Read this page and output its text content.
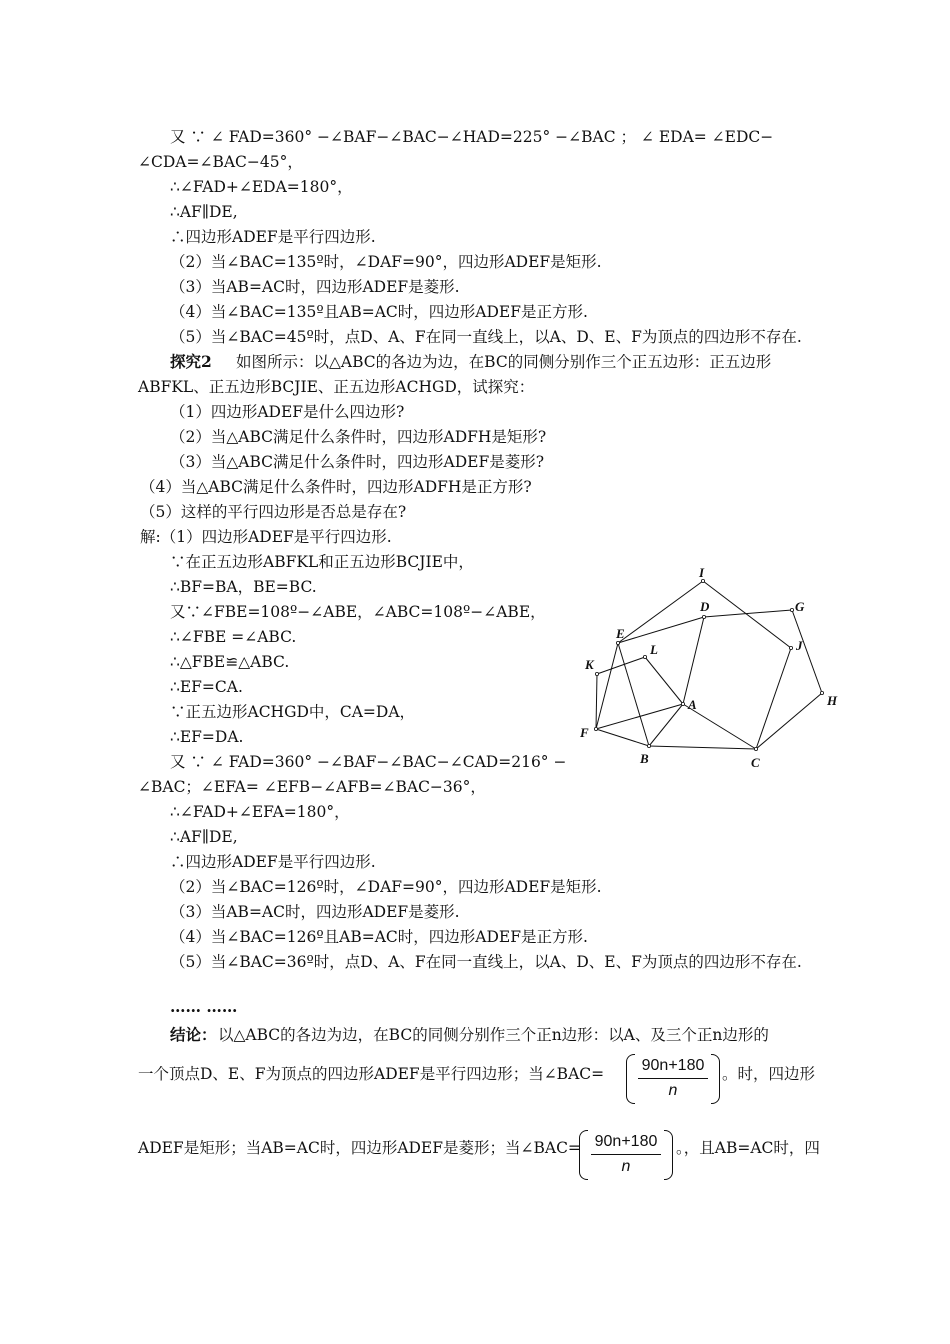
又 ∵ ∠ FAD=360° −∠BAF−∠BAC−∠HAD=225° −∠BAC ； ∠ EDA= ∠EDC−
∠CDA=∠BAC−45°，
∴∠FAD+∠EDA=180°，
∴AF∥DE,
∴四边形ADEF是平行四边形.
（2）当∠BAC=135º时，∠DAF=90°，四边形ADEF是矩形.
（3）当AB=AC时，四边形ADEF是菱形.
（4）当∠BAC=135º且AB=AC时，四边形ADEF是正方形.
（5）当∠BAC=45º时，点D、A、F在同一直线上，以A、D、E、F为顶点的四边形不存在.
探究2 如图所示：以△ABC的各边为边，在BC的同侧分别作三个正五边形：正五边形
ABFKL、正五边形BCJIE、正五边形ACHGD，试探究：
（1）四边形ADEF是什么四边形?
（2）当△ABC满足什么条件时，四边形ADFH是矩形?
（3）当△ABC满足什么条件时，四边形ADEF是菱形?
（4）当△ABC满足什么条件时，四边形ADFH是正方形?
（5）这样的平行四边形是否总是存在?
解:（1）四边形ADEF是平行四边形.
∵在正五边形ABFKL和正五边形BCJIE中，
∴BF=BA，BE=BC.
又∵∠FBE=108º−∠ABE，∠ABC=108º−∠ABE，
∴∠FBE =∠ABC.
∴△FBE≌△ABC.
∴EF=CA.
∵正五边形ACHGD中，CA=DA，
∴EF=DA.
又 ∵ ∠ FAD=360° −∠BAF−∠BAC−∠CAD=216° −
∠BAC；∠EFA= ∠EFB−∠AFB=∠BAC−36°，
∴∠FAD+∠EFA=180°，
∴AF∥DE,
∴四边形ADEF是平行四边形.
（2）当∠BAC=126º时，∠DAF=90°，四边形ADEF是矩形.
（3）当AB=AC时，四边形ADEF是菱形.
（4）当∠BAC=126º且AB=AC时，四边形ADEF是正方形.
（5）当∠BAC=36º时，点D、A、F在同一直线上，以A、D、E、F为顶点的四边形不存在.
…… ……
结论： 以△ABC的各边为边，在BC的同侧分别作三个正n边形：以A、及三个正n边形的
一个顶点D、E、F为顶点的四边形ADEF是平行四边形；当∠BAC=	90n+180
n
。时，四边形
ADEF是矩形；当AB=AC时，四边形ADEF是菱形；当∠BAC= 90n+180
n
。，且AB=AC时，四
I
D	G
E
J
L
K
A	H
F
B	C
